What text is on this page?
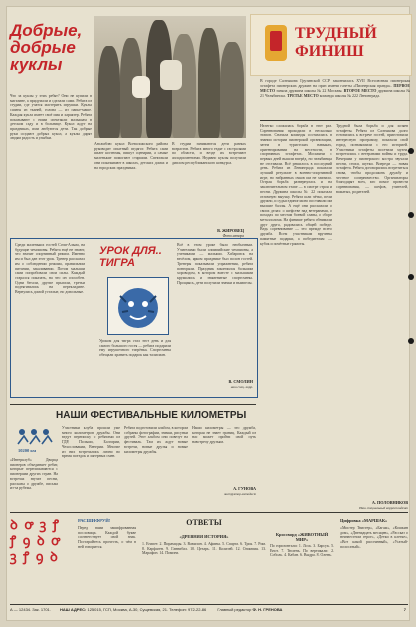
Добрые, добрые куклы
Что за куклы у этих ребят? Они не купили в магазине, а придумали и сделали сами. Ребята из студии, где учатся мастерить игрушки. Куклы сшиты из тканей, голова — из папье-маше. Каждая кукла имеет своё имя и характер. Ребята показывают с ними спектакли малышам в детском саду и в больнице. Кукол ждут на праздниках, ими любуются дети. Так добрые руки создают добрых кукол, а куклы дарят людям радость и улыбки.
Ансамблю кукол Всеволожского района руководит опытный педагог. Ребята сами шьют костюмы, пишут сценарии, а самые маленькие помогают старшим. Спектакли они показывают в школах, детских домах и на городских праздниках.
В студии занимаются дети разных возрастов. Ребята много ездят с гастролями по области, и везде их встречают аплодисментами. Недавно куклы получили диплом республиканского конкурса.
В. ЖИРОВЕЦ
Фото автора
ТРУДНЫЙ ФИНИШ
В городе Салтыкова Грузинской ССР закончилась XVII Всесоюзная пионерская эстафета пионерских дружин на приз имени газеты «Пионерская правда». ПЕРВОЕ МЕСТО заняла дружина школы № 22 Москвы. ВТОРОЕ МЕСТО дружина школы № 21 Челябинска. ТРЕТЬЕ МЕСТО команда школы № 222 Ленинграда.
Нелегко сложилась борьба в этот раз. Соревнования проходили в несколько этапов. Сначала команды состязались в знании истории пионерской организации, затем в туристских навыках, ориентировании на местности, в спортивных эстафетах. Москвичи с первых дней вышли вперёд, но челябинцы не отставали. Всё решилось в последний день. Ребята из Ленинграда показали лучший результат в военно-спортивной игре, но набранных очков им не хватило. Острая борьба развернулась и на заключительном этапе — в смотре строя и песни. Дружина школы № 22 показала отличную выучку. Ребята шли чётко, пели дружно, и судьи единогласно поставили им высшие баллы. А ещё они рассказали о своих делах: о шефстве над ветеранами, о походах по местам боевой славы, о сборе металлолома. На финише ребята обнимали друг друга, радовались общей победе. Ведь соревнование — это прежде всего дружба. Всем участникам вручены памятные подарки, а победителям — кубок и почётные грамоты.
Трудной была борьба и для хозяев эстафеты. Ребята из Салтыкова долго готовились к встрече гостей, приготовили интересную программу, показали свой город, познакомили с его историей. Участники эстафеты посетили музеи, встретились с ветеранами войны и труда. Вечерами у пионерского костра звучали песни, стихи, шутки. Впереди — новая эстафета. Ребята договорились встретиться снова, чтобы продолжить дружбу и честное соперничество. Организаторы благодарят всех, кто помог провести соревнования, — шефов, учителей, вожатых, родителей.
А. ПОЛОВНИКОВ
Наш специальный корреспондент
Среди маленьких гостей Сочи-Альма, на будущие чемпионы. Ребята ещё не знают, что значит спортивный режим. Именно им и был дан этот урок. Тренер рассказал им о соблюдении режима, правильном питании, закаливании. Потом малыши сами попробовали свои силы. Каждый старался показать, на что он способен. Одни бегали, другие прыгали, третьи подтягивались на перекладине. Вернулись домой усталые, но довольные.
УРОК ДЛЯ.. ТИГРА
Уроком для тигра стал этот день и для самого большого гостя — ребята подарили ему игрушечного тигрёнка. Спортсмены обещали хранить подарок как талисман.
Всё в этом уроке было необычным. Учителями были олимпийские чемпионы, а учениками — малыши. Хабаровск на весёлом, ярком празднике был полон гостей. Тренеры показывали упражнения, ребята повторяли. Праздник закончился большим хороводом, в котором вместе с малышами кружились и знаменитые спортсмены. Прощаясь, дети получили значки и вымпелы.
В. СМОЛИН
наш спец. корр.
НАШИ ФЕСТИВАЛЬНЫЕ КИЛОМЕТРЫ
10200 км
«Интерклуб» Дворца пионеров объединяет ребят, которые переписываются с пионерами других стран. На встречах звучат песни, рассказы о дружбе, письма из-за рубежа.
Участники клуба прошли уже много километров дружбы. Они ведут переписку с ребятами из ГДР, Польши, Болгарии, Чехословакии, Венгрии. Многие из них встречались лично во время поездок и лагерных смен.
Ребята подготовили альбом, в котором собраны фотографии, значки, рисунки друзей. Этот альбом они повезут на фестиваль. Там их ждут новые встречи, новые друзья и новые километры дружбы.
Наши километры — это дружба, которая не знает границ. Каждый из нас может пройти свой путь навстречу друзьям.
А. ГУНОВА
инструктор-методист
ꝺ ꝍ ꝫ ꝭ
ꝭ ꝯ ꝺ ꝍ
ꝫ ꝭ ꝯ ꝺ
РАСШИФРУЙ!
Перед вами зашифрованная пословица. Каждой букве соответствует свой знак. Постарайтесь прочесть, о чём в ней говорится.
ОТВЕТЫ
«ДРЕВНЯЯ ИСТОРИЯ»
1. Египет. 2. Пирамиды. 3. Вавилон. 4. Афины. 5. Спарта. 6. Троя. 7. Рим. 8. Карфаген. 9. Ганнибал. 10. Цезарь. 11. Колизей. 12. Олимпия. 13. Марафон. 14. Помпеи.
Кроссворд «ЖИВОТНЫЙ МИР»
По горизонтали: 1. Лось. 3. Барсук. 5. Енот. 7. Тюлень. По вертикали: 2. Соболь. 4. Кабан. 6. Выдра. 8. Олень.
Цифровка «МАРШАК»
«Мистер Твистер», «Багаж», «Кошкин дом», «Двенадцать месяцев», «Рассказ о неизвестном герое», «Детки в клетке», «Вот какой рассеянный», «Усатый-полосатый».
А — 12434. Зак. 1701. НАШ АДРЕС: 125015, ГСП, Москва, А-30, Сущевская, 21. Телефон: 972-22-86	Главный редактор Ф. Н. ГРЕНОВА	7
